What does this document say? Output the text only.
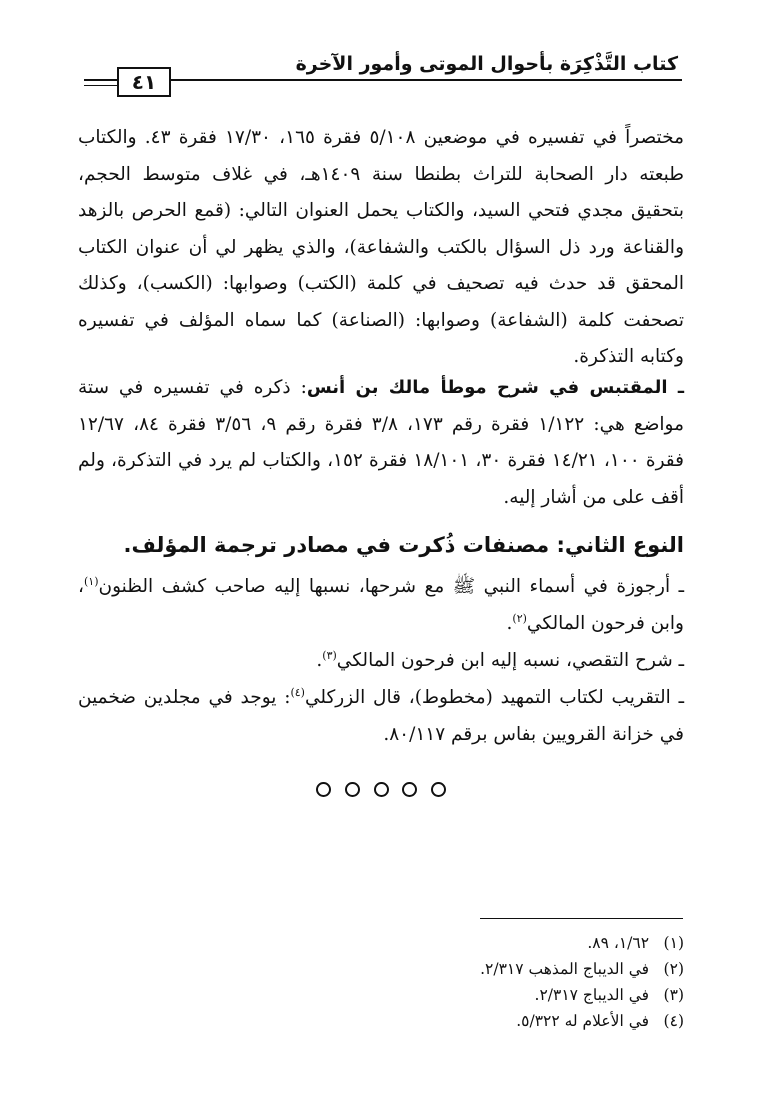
كتاب التَّذْكِرَة بأحوال الموتى وأمور الآخرة
٤١

مختصراً في تفسيره في موضعين ٥/١٠٨ فقرة ١٦٥، ١٧/٣٠ فقرة ٤٣. والكتاب طبعته دار الصحابة للتراث بطنطا سنة ١٤٠٩هـ، في غلاف متوسط الحجم، بتحقيق مجدي فتحي السيد، والكتاب يحمل العنوان التالي: (قمع الحرص بالزهد والقناعة ورد ذل السؤال بالكتب والشفاعة)، والذي يظهر لي أن عنوان الكتاب المحقق قد حدث فيه تصحيف في كلمة (الكتب) وصوابها: (الكسب)، وكذلك تصحفت كلمة (الشفاعة) وصوابها: (الصناعة) كما سماه المؤلف في تفسيره وكتابه التذكرة.

ـ المقتبس في شرح موطأ مالك بن أنس: ذكره في تفسيره في ستة مواضع هي: ١/١٢٢ فقرة رقم ١٧٣، ٣/٨ فقرة رقم ٩، ٣/٥٦ فقرة ٨٤، ١٢/٦٧ فقرة ١٠٠، ١٤/٢١ فقرة ٣٠، ١٨/١٠١ فقرة ١٥٢، والكتاب لم يرد في التذكرة، ولم أقف على من أشار إليه.

النوع الثاني: مصنفات ذُكرت في مصادر ترجمة المؤلف.

ـ أرجوزة في أسماء النبي ﷺ مع شرحها، نسبها إليه صاحب كشف الظنون$^{(١)}$، وابن فرحون المالكي$^{(٢)}$.

ـ شرح التقصي، نسبه إليه ابن فرحون المالكي$^{(٣)}$.

ـ التقريب لكتاب التمهيد (مخطوط)، قال الزركلي$^{(٤)}$: يوجد في مجلدين ضخمين في خزانة القرويين بفاس برقم ٨٠/١١٧.

(١) ١/٦٢، ٨٩.
(٢) في الديباج المذهب ٢/٣١٧.
(٣) في الديباج ٢/٣١٧.
(٤) في الأعلام له ٥/٣٢٢.
